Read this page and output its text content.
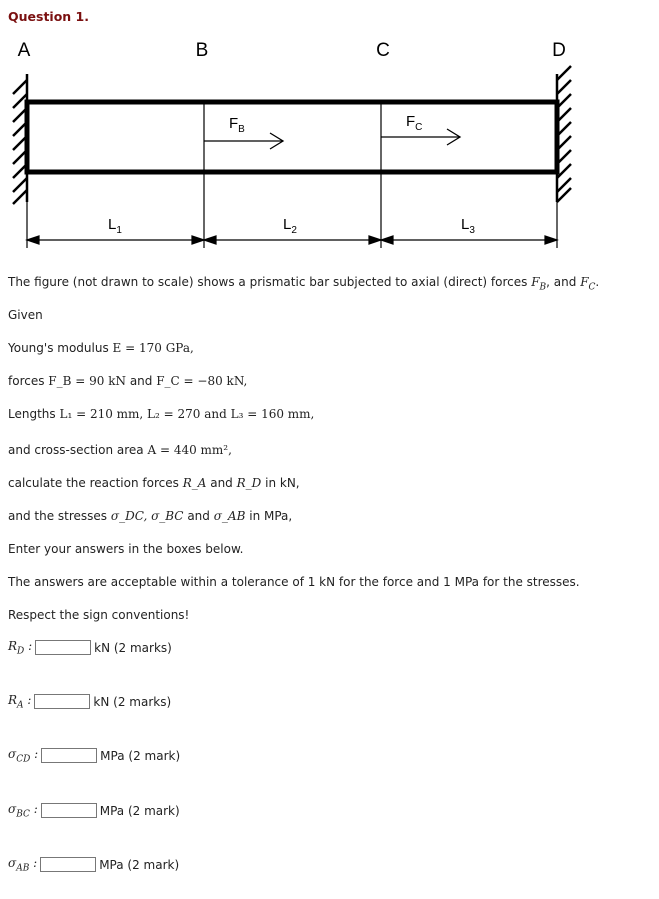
Question 1.
A	B	C	D
$F_B$	$F_C$
$L_1$	$L_2$	$L_3$
The figure (not drawn to scale) shows a prismatic bar subjected to axial (direct) forces $F_B$, and $F_C$.
Given
Young's modulus E = 170 GPa,
forces F_B = 90 kN and F_C = −80 kN,
Lengths L₁ = 210 mm, L₂ = 270 and L₃ = 160 mm,
and cross-section area A = 440 mm²,
calculate the reaction forces R_A and R_D in kN,
and the stresses σ_DC, σ_BC and σ_AB in MPa,
Enter your answers in the boxes below.
The answers are acceptable within a tolerance of 1 kN for the force and 1 MPa for the stresses.
Respect the sign conventions!
$R_D$ :	kN (2 marks)
$R_A$ :	kN (2 marks)
$\sigma_{CD}$ :	MPa (2 mark)
$\sigma_{BC}$ :	MPa (2 mark)
$\sigma_{AB}$ :	MPa (2 mark)
